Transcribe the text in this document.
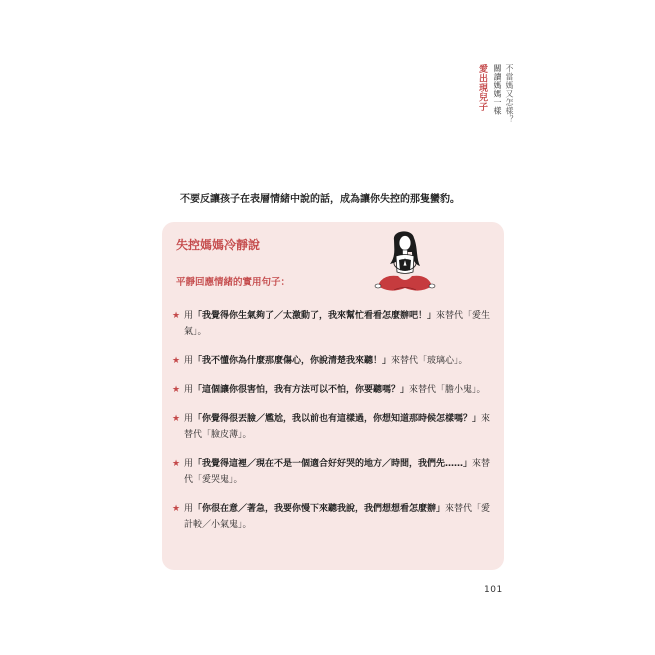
不當媽又怎樣？
關讀媽媽一樣
愛出現兒子
不要反讓孩子在表層情緒中說的話，成為讓你失控的那隻蠻豹。
失控媽媽冷靜說
平靜回應情緒的實用句子：
★ 用「我覺得你生氣夠了／太激動了，我來幫忙看看怎麼辦吧！」來替代「愛生氣」。
★ 用「我不懂你為什麼那麼傷心，你說清楚我來聽！」來替代「玻璃心」。
★ 用「這個讓你很害怕，我有方法可以不怕，你要聽嗎？」來替代「膽小鬼」。
★ 用「你覺得很丟臉／尷尬，我以前也有這樣過，你想知道那時候怎樣嗎？」來替代「臉皮薄」。
★ 用「我覺得這裡／現在不是一個適合好好哭的地方／時間，我們先……」來替代「愛哭鬼」。
★ 用「你很在意／著急，我要你慢下來聽我說，我們想想看怎麼辦」來替代「愛計較／小氣鬼」。
101
